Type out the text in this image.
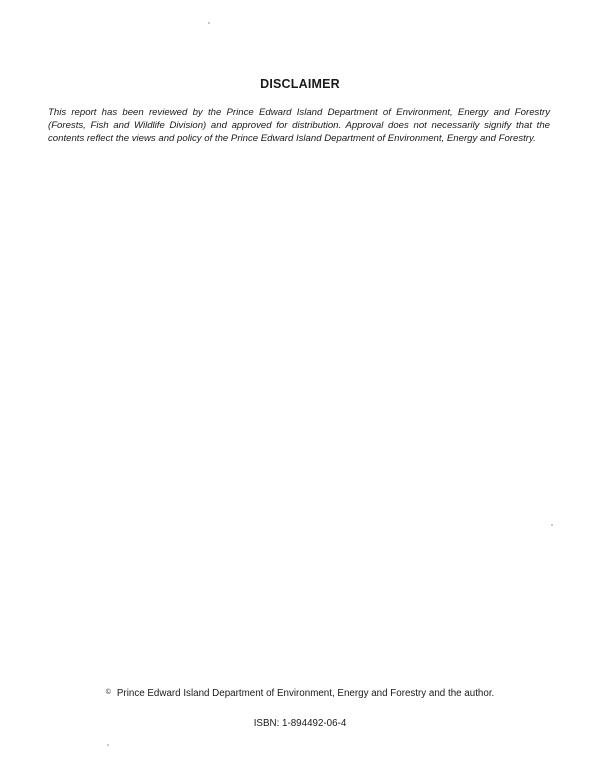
DISCLAIMER
This report has been reviewed by the Prince Edward Island Department of Environment, Energy and Forestry (Forests, Fish and Wildlife Division) and approved for distribution. Approval does not necessarily signify that the contents reflect the views and policy of the Prince Edward Island Department of Environment, Energy and Forestry.
© Prince Edward Island Department of Environment, Energy and Forestry and the author.
ISBN: 1-894492-06-4
